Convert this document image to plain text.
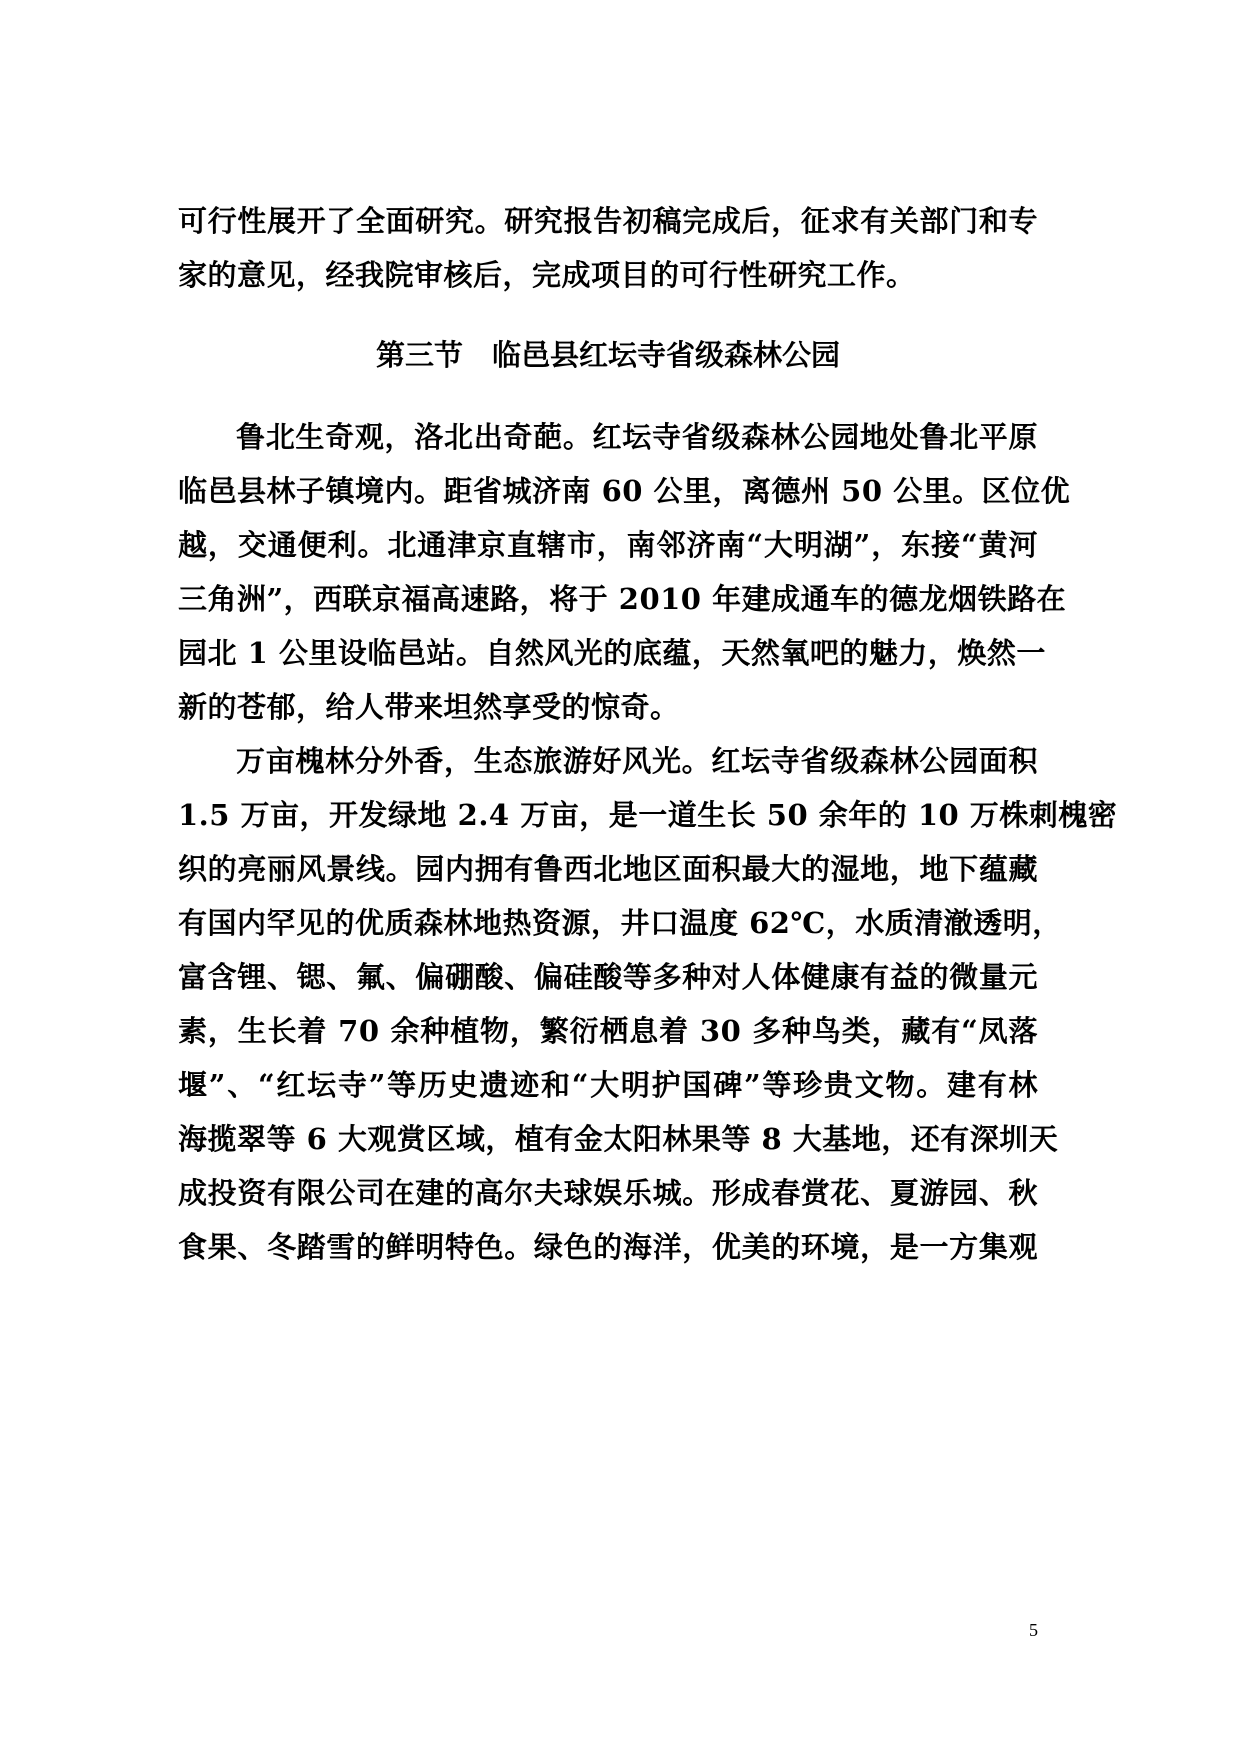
可行性展开了全面研究。研究报告初稿完成后，征求有关部门和专
家的意见，经我院审核后，完成项目的可行性研究工作。
第三节　临邑县红坛寺省级森林公园
鲁北生奇观，洛北出奇葩。红坛寺省级森林公园地处鲁北平原
临邑县林子镇境内。距省城济南 60 公里，离德州 50 公里。区位优
越，交通便利。北通津京直辖市，南邻济南“大明湖”，东接“黄河
三角洲”，西联京福高速路，将于 2010 年建成通车的德龙烟铁路在
园北 1 公里设临邑站。自然风光的底蕴，天然氧吧的魅力，焕然一
新的苍郁，给人带来坦然享受的惊奇。
万亩槐林分外香，生态旅游好风光。红坛寺省级森林公园面积
1.5 万亩，开发绿地 2.4 万亩，是一道生长 50 余年的 10 万株刺槐密
织的亮丽风景线。园内拥有鲁西北地区面积最大的湿地，地下蕴藏
有国内罕见的优质森林地热资源，井口温度 62℃，水质清澈透明，
富含锂、锶、氟、偏硼酸、偏硅酸等多种对人体健康有益的微量元
素，生长着 70 余种植物，繁衍栖息着 30 多种鸟类，藏有“凤落
堰”、“红坛寺”等历史遗迹和“大明护国碑”等珍贵文物。建有林
海揽翠等 6 大观赏区域，植有金太阳林果等 8 大基地，还有深圳天
成投资有限公司在建的高尔夫球娱乐城。形成春赏花、夏游园、秋
食果、冬踏雪的鲜明特色。绿色的海洋，优美的环境，是一方集观
5
